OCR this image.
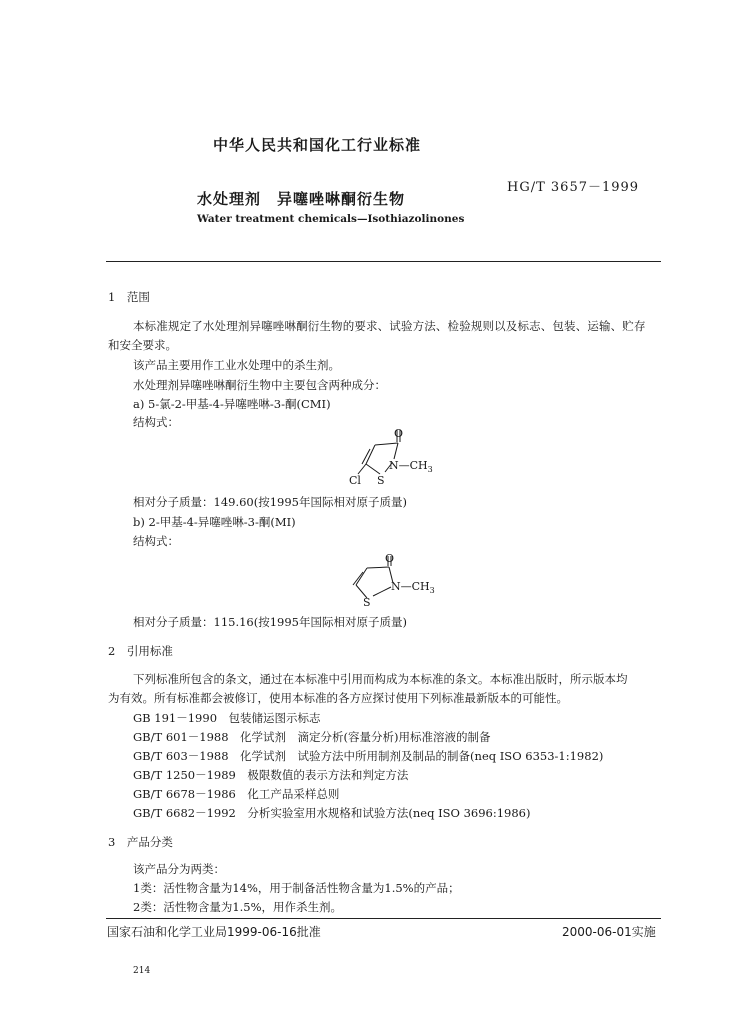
中华人民共和国化工行业标准
水处理剂　异噻唑啉酮衍生物
HG/T 3657－1999
Water treatment chemicals—Isothiazolinones
1　范围
本标准规定了水处理剂异噻唑啉酮衍生物的要求、试验方法、检验规则以及标志、包装、运输、贮存
和安全要求。
该产品主要用作工业水处理中的杀生剂。
水处理剂异噻唑啉酮衍生物中主要包含两种成分：
a) 5-氯-2-甲基-4-异噻唑啉-3-酮(CMI)
结构式：
O
$N—CH_3$
S
Cl
相对分子质量：149.60(按1995年国际相对原子质量)
b) 2-甲基-4-异噻唑啉-3-酮(MI)
结构式：
O
$N—CH_3$
S
相对分子质量：115.16(按1995年国际相对原子质量)
2　引用标准
下列标准所包含的条文，通过在本标准中引用而构成为本标准的条文。本标准出版时，所示版本均
为有效。所有标准都会被修订，使用本标准的各方应探讨使用下列标准最新版本的可能性。
GB 191－1990　包装储运图示标志
GB/T 601－1988　化学试剂　滴定分析(容量分析)用标准溶液的制备
GB/T 603－1988　化学试剂　试验方法中所用制剂及制品的制备(neq ISO 6353-1:1982)
GB/T 1250－1989　极限数值的表示方法和判定方法
GB/T 6678－1986　化工产品采样总则
GB/T 6682－1992　分析实验室用水规格和试验方法(neq ISO 3696:1986)
3　产品分类
该产品分为两类：
1类：活性物含量为14%，用于制备活性物含量为1.5%的产品；
2类：活性物含量为1.5%，用作杀生剂。
国家石油和化学工业局1999-06-16批准	2000-06-01实施
214
